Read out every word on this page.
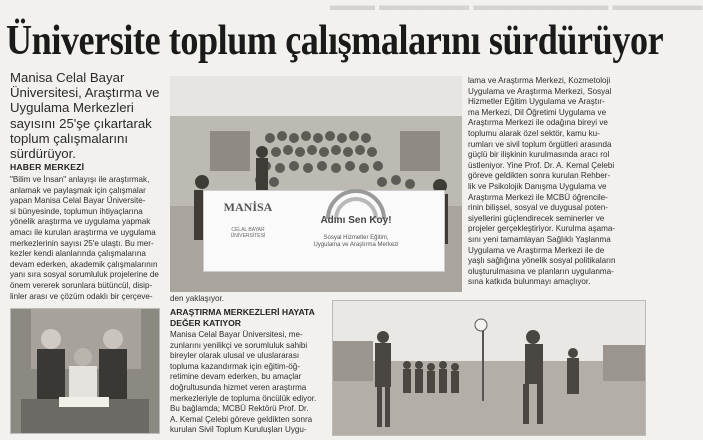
▬▬▬ ▬▬▬▬▬▬ ▬▬▬▬▬▬▬▬▬ ▬▬▬▬▬▬
Üniversite toplum çalışmalarını sürdürüyor
Manisa Celal Bayar Üniversitesi, Araştırma ve Uygulama Merkezleri sayısını 25'şe çıkartarak toplum çalışmalarını sürdürüyor.
HABER MERKEZİ

"Bilim ve İnsan" anlayışı ile araştırmak,

anlamak ve paylaşmak için çalışmalar

yapan Manisa Celal Bayar Üniversite-

si bünyesinde, toplumun ihtiyaçlarına

yönelik araştırma ve uygulama yapmak

amacı ile kurulan araştırma ve uygulama

merkezlerinin sayısı 25'e ulaştı. Bu mer-

kezler kendi alanlarında çalışmalarına

devam ederken, akademik çalışmalarının

yanı sıra sosyal sorumluluk projelerine de

önem vererek sorunlara bütüncül, disip-

linler arası ve çözüm odaklı bir çerçeve-

MANİSA
CELAL BAYAR ÜNİVERSİTESİ
Adını Sen Koy!
Sosyal Hizmetler Eğitim,
Uygulama ve Araştırma Merkezi
den yaklaşıyor.
ARAŞTIRMA MERKEZLERİ HAYATA DEĞER KATIYOR

Manisa Celal Bayar Üniversitesi, me-

zunlarını yenilikçi ve sorumluluk sahibi

bireyler olarak ulusal ve uluslararası

topluma kazandırmak için eğitim-öğ-

retimine devam ederken, bu amaçlar

doğrultusunda hizmet veren araştırma

merkezleriyle de topluma öncülük ediyor.

Bu bağlamda; MCBÜ Rektörü Prof. Dr.

A. Kemal Çelebi göreve geldikten sonra

kurulan Sivil Toplum Kuruluşları Uygu-

lama ve Araştırma Merkezi, Kozmetoloji

Uygulama ve Araştırma Merkezi, Sosyal

Hizmetler Eğitim Uygulama ve Araştır-

ma Merkezi, Dil Öğretimi Uygulama ve

Araştırma Merkezi ile odağına bireyi ve

toplumu alarak özel sektör, kamu ku-

rumları ve sivil toplum örgütleri arasında

güçlü bir ilişkinin kurulmasında aracı rol

üstleniyor. Yine Prof. Dr. A. Kemal Çelebi

göreve geldikten sonra kurulan Rehber-

lik ve Psikolojik Danışma Uygulama ve

Araştırma Merkezi ile MCBÜ öğrencile-

rinin bilişsel, sosyal ve duygusal poten-

siyellerini güçlendirecek seminerler ve

projeler gerçekleştiriyor. Kurulma aşama-

sını yeni tamamlayan Sağlıklı Yaşlanma

Uygulama ve Araştırma Merkezi ile de

yaşlı sağlığına yönelik sosyal politikaların

oluşturulmasına ve planların uygulanma-

sına katkıda bulunmayı amaçlıyor.
